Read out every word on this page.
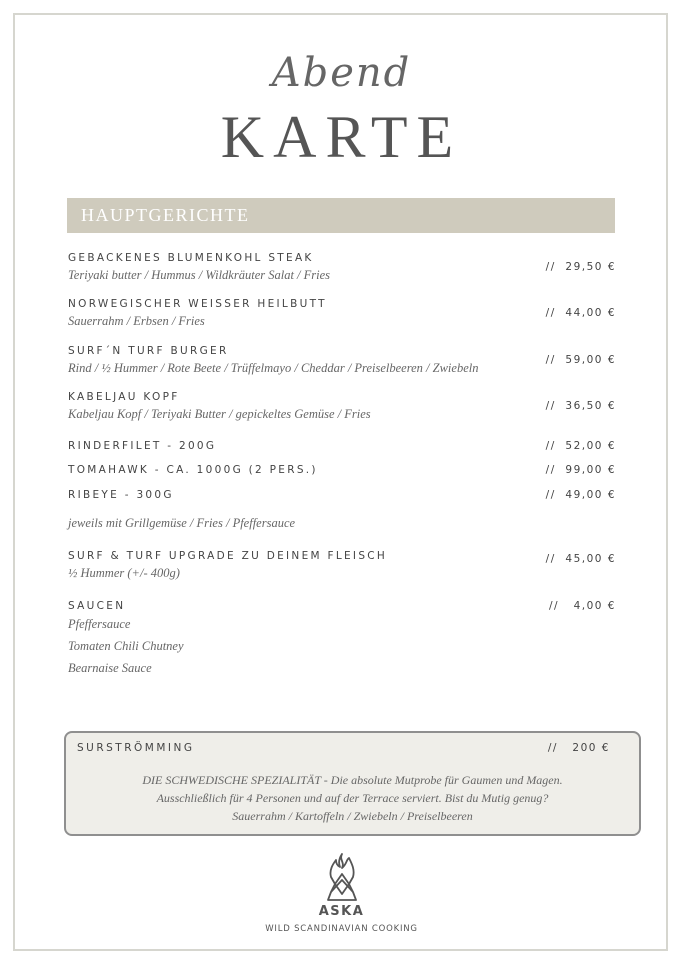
Abend
KARTE
HAUPTGERICHTE
GEBACKENES BLUMENKOHL STEAK
Teriyaki butter / Hummus / Wildkräuter Salat / Fries
//  29,50 €
NORWEGISCHER WEISSER HEILBUTT
Sauerrahm / Erbsen / Fries
//  44,00 €
SURF´N TURF BURGER
Rind / ½ Hummer / Rote Beete / Trüffelmayo / Cheddar / Preiselbeeren / Zwiebeln
//  59,00 €
KABELJAU KOPF
Kabeljau Kopf / Teriyaki Butter / gepickeltes Gemüse / Fries
//  36,50 €
RINDERFILET - 200G	//  52,00 €
TOMAHAWK - CA. 1000G (2 PERS.)	//  99,00 €
RIBEYE - 300G	//  49,00 €
jeweils mit Grillgemüse / Fries / Pfeffersauce
SURF & TURF UPGRADE ZU DEINEM FLEISCH
½ Hummer (+/- 400g)
//  45,00 €
SAUCEN	//   4,00 €
Pfeffersauce
Tomaten Chili Chutney
Bearnaise Sauce
SURSTRÖMMING	//   200 €
DIE SCHWEDISCHE SPEZIALITÄT - Die absolute Mutprobe für Gaumen und Magen.
Ausschließlich für 4 Personen und auf der Terrace serviert. Bist du Mutig genug?
Sauerrahm / Kartoffeln / Zwiebeln / Preiselbeeren
ASKA
WILD SCANDINAVIAN COOKING
